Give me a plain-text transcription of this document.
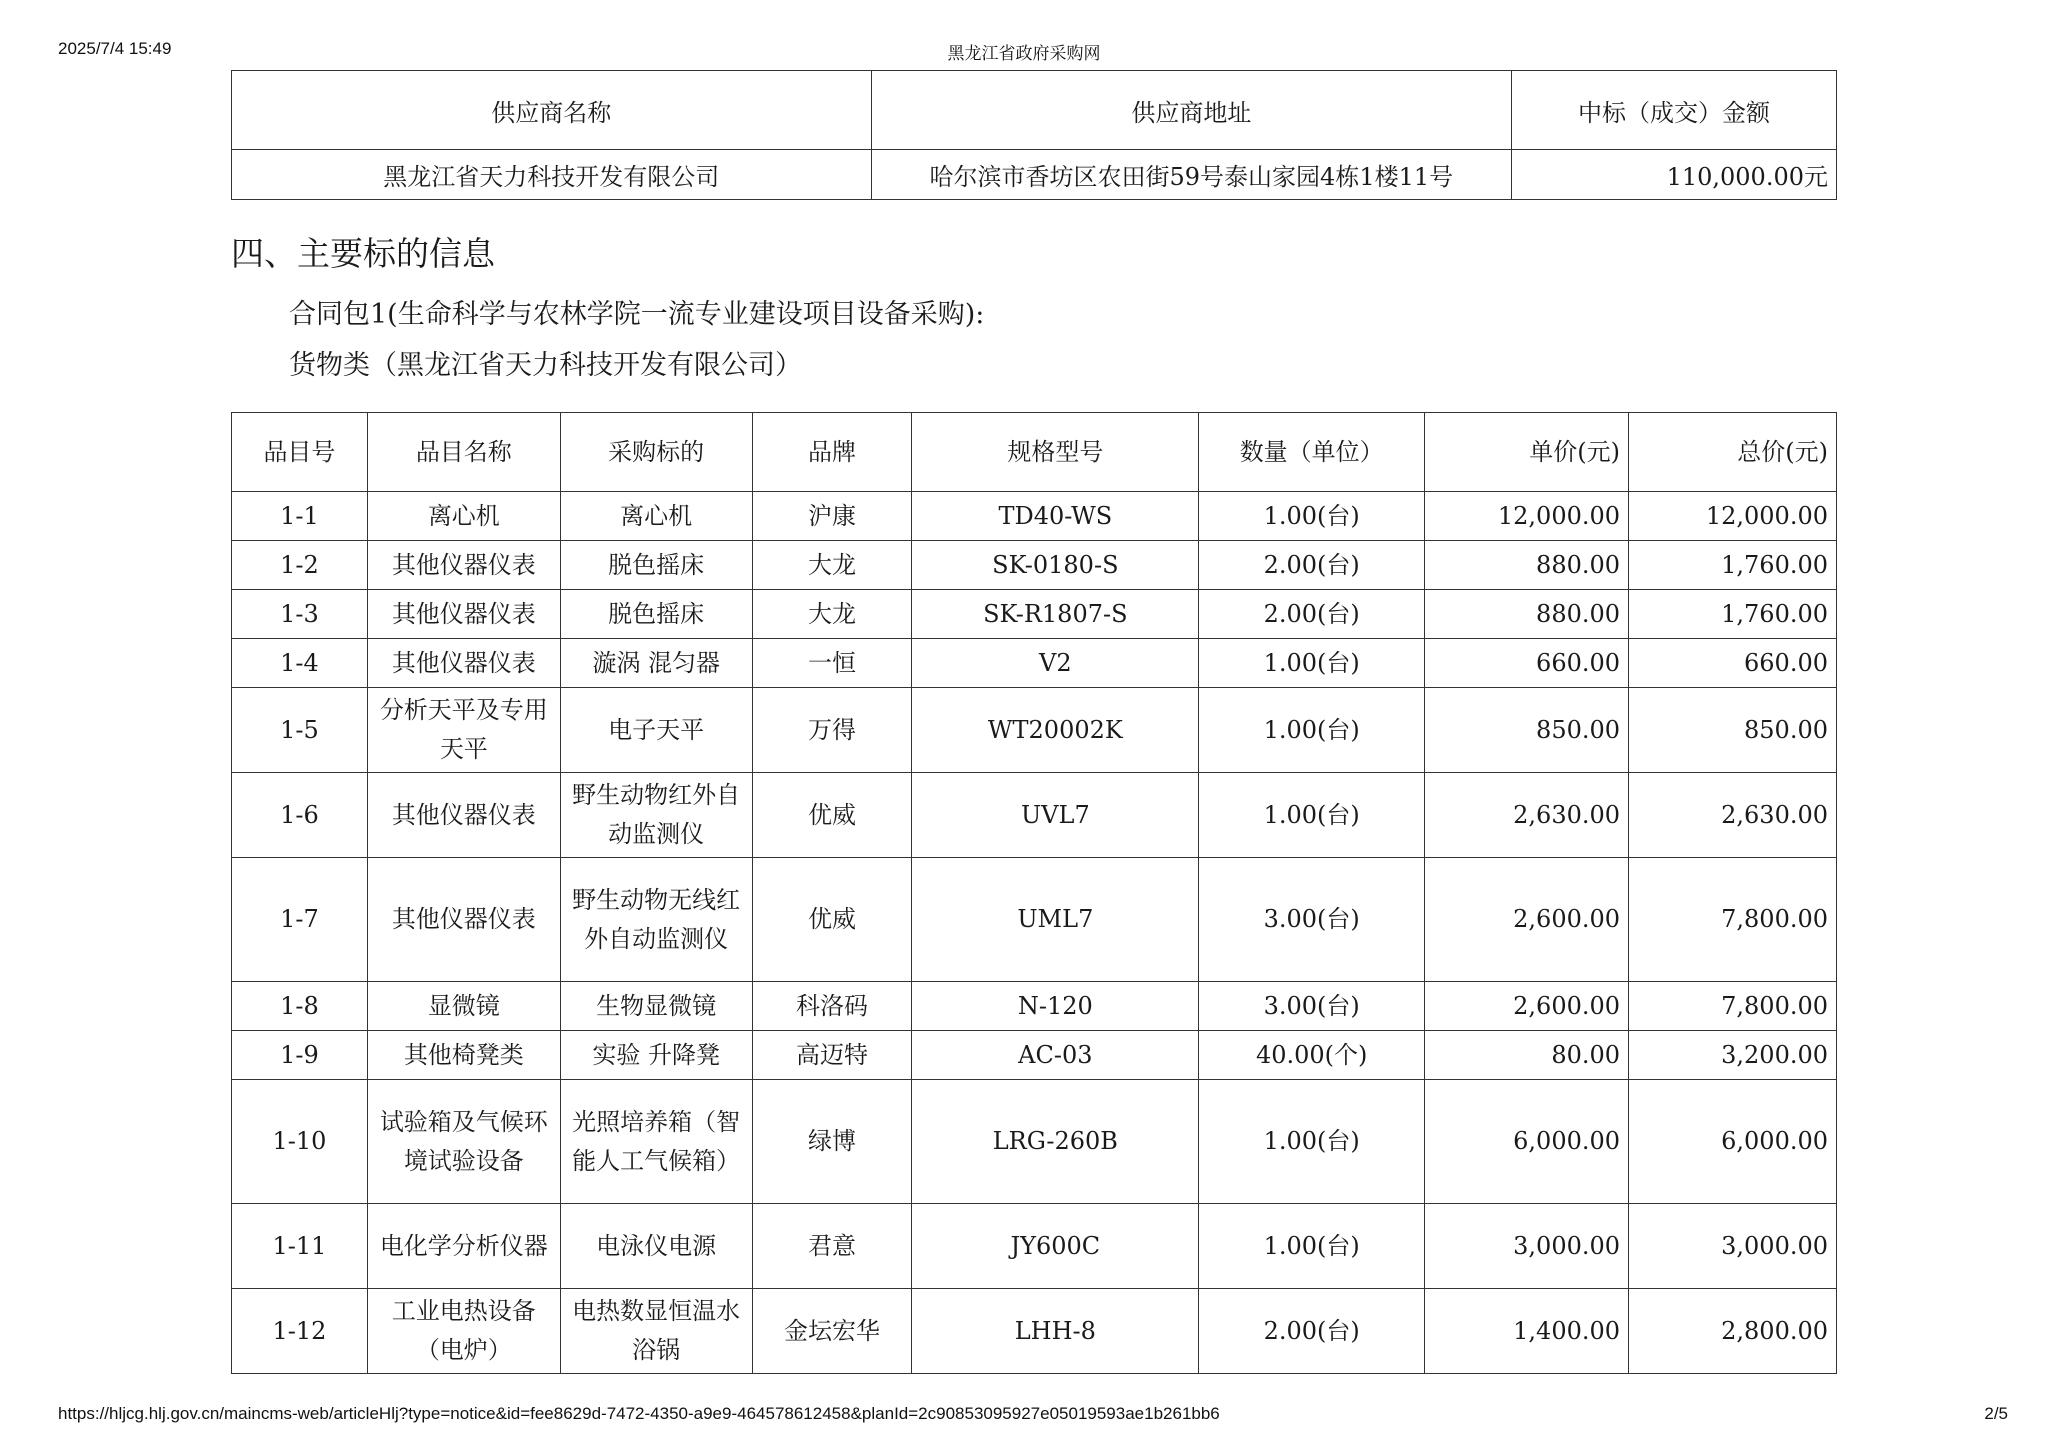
2025/7/4 15:49	黑龙江省政府采购网
供应商名称	供应商地址	中标（成交）金额
黑龙江省天力科技开发有限公司	哈尔滨市香坊区农田街59号泰山家园4栋1楼11号	110,000.00元
四、主要标的信息
合同包1(生命科学与农林学院一流专业建设项目设备采购):
货物类（黑龙江省天力科技开发有限公司）
品目号	品目名称	采购标的	品牌	规格型号	数量（单位）	单价(元)	总价(元)
1-1	离心机	离心机	沪康	TD40-WS	1.00(台)	12,000.00	12,000.00
1-2	其他仪器仪表	脱色摇床	大龙	SK-0180-S	2.00(台)	880.00	1,760.00
1-3	其他仪器仪表	脱色摇床	大龙	SK-R1807-S	2.00(台)	880.00	1,760.00
1-4	其他仪器仪表	漩涡 混匀器	一恒	V2	1.00(台)	660.00	660.00
1-5	分析天平及专用天平	电子天平	万得	WT20002K	1.00(台)	850.00	850.00
1-6	其他仪器仪表	野生动物红外自动监测仪	优威	UVL7	1.00(台)	2,630.00	2,630.00
1-7	其他仪器仪表	野生动物无线红外自动监测仪	优威	UML7	3.00(台)	2,600.00	7,800.00
1-8	显微镜	生物显微镜	科洛码	N-120	3.00(台)	2,600.00	7,800.00
1-9	其他椅凳类	实验 升降凳	高迈特	AC-03	40.00(个)	80.00	3,200.00
1-10	试验箱及气候环境试验设备	光照培养箱（智能人工气候箱）	绿博	LRG-260B	1.00(台)	6,000.00	6,000.00
1-11	电化学分析仪器	电泳仪电源	君意	JY600C	1.00(台)	3,000.00	3,000.00
1-12	工业电热设备（电炉）	电热数显恒温水浴锅	金坛宏华	LHH-8	2.00(台)	1,400.00	2,800.00
https://hljcg.hlj.gov.cn/maincms-web/articleHlj?type=notice&id=fee8629d-7472-4350-a9e9-464578612458&planId=2c90853095927e05019593ae1b261bb6	2/5
